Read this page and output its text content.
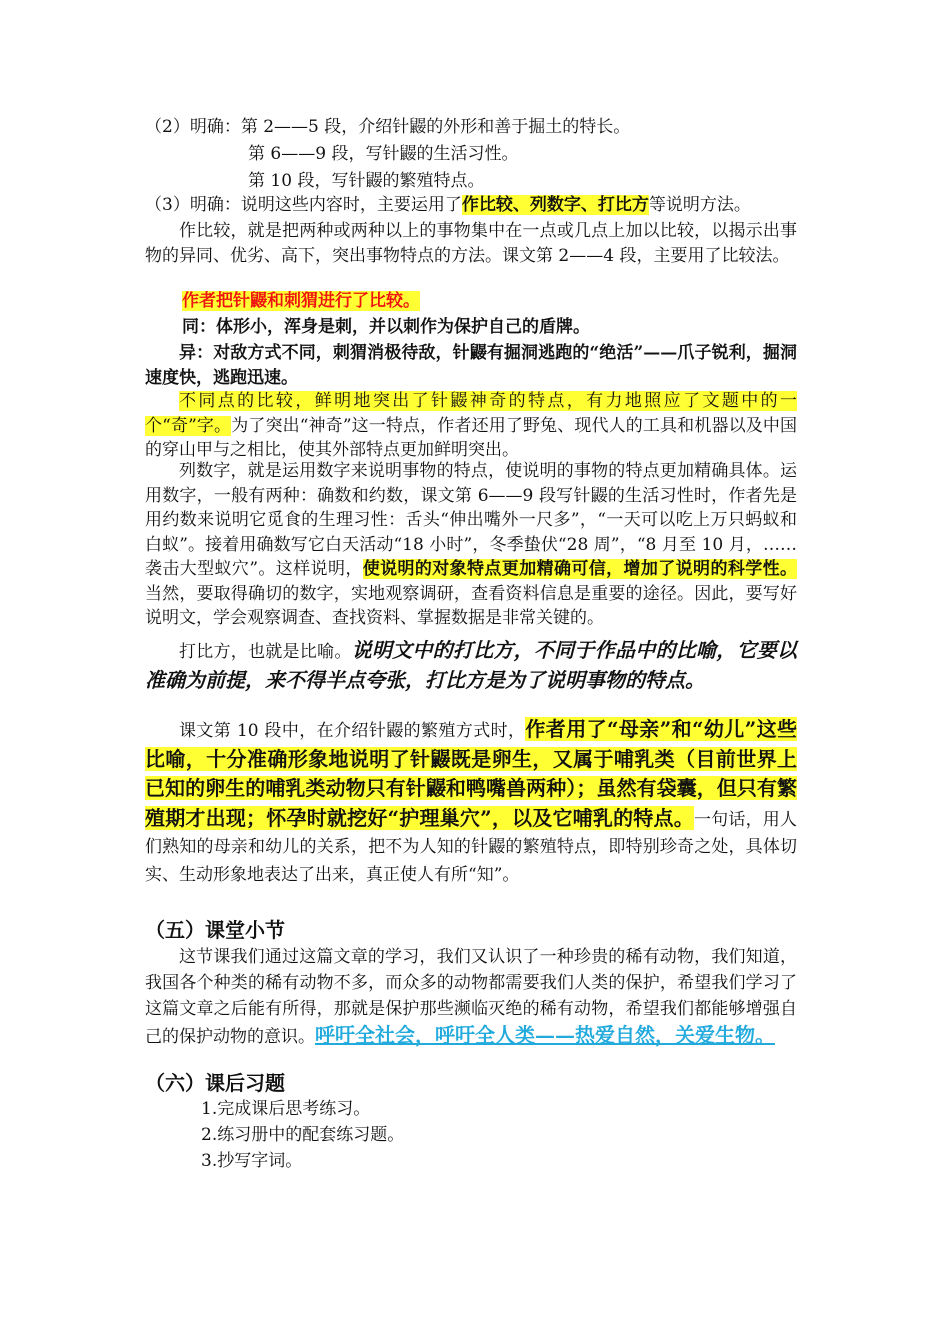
（2）明确：第 2——5 段，介绍针鼹的外形和善于掘土的特长。
第 6——9 段，写针鼹的生活习性。
第 10 段，写针鼹的繁殖特点。
（3）明确：说明这些内容时，主要运用了作比较、列数字、打比方等说明方法。
作比较，就是把两种或两种以上的事物集中在一点或几点上加以比较，以揭示出事物的异同、优劣、高下，突出事物特点的方法。课文第 2——4 段，主要用了比较法。
作者把针鼹和刺猬进行了比较。
同：体形小，浑身是刺，并以刺作为保护自己的盾牌。
异：对敌方式不同，刺猬消极待敌，针鼹有掘洞逃跑的“绝活”——爪子锐利，掘洞速度快，逃跑迅速。
不同点的比较，鲜明地突出了针鼹神奇的特点，有力地照应了文题中的一个“奇”字。为了突出“神奇”这一特点，作者还用了野兔、现代人的工具和机器以及中国的穿山甲与之相比，使其外部特点更加鲜明突出。
列数字，就是运用数字来说明事物的特点，使说明的事物的特点更加精确具体。运用数字，一般有两种：确数和约数，课文第 6——9 段写针鼹的生活习性时，作者先是用约数来说明它觅食的生理习性：舌头“伸出嘴外一尺多”，“一天可以吃上万只蚂蚁和白蚁”。接着用确数写它白天活动“18 小时”，冬季蛰伏“28 周”，“8 月至 10 月，……袭击大型蚁穴”。这样说明，使说明的对象特点更加精确可信，增加了说明的科学性。当然，要取得确切的数字，实地观察调研，查看资料信息是重要的途径。因此，要写好说明文，学会观察调查、查找资料、掌握数据是非常关键的。
打比方，也就是比喻。说明文中的打比方，不同于作品中的比喻，它要以准确为前提，来不得半点夸张，打比方是为了说明事物的特点。
课文第 10 段中，在介绍针鼹的繁殖方式时，作者用了“母亲”和“幼儿”这些比喻，十分准确形象地说明了针鼹既是卵生，又属于哺乳类（目前世界上已知的卵生的哺乳类动物只有针鼹和鸭嘴兽两种）；虽然有袋囊，但只有繁殖期才出现；怀孕时就挖好“护理巢穴”，以及它哺乳的特点。一句话，用人们熟知的母亲和幼儿的关系，把不为人知的针鼹的繁殖特点，即特别珍奇之处，具体切实、生动形象地表达了出来，真正使人有所“知”。
（五）课堂小节
这节课我们通过这篇文章的学习，我们又认识了一种珍贵的稀有动物，我们知道，我国各个种类的稀有动物不多，而众多的动物都需要我们人类的保护，希望我们学习了这篇文章之后能有所得，那就是保护那些濒临灭绝的稀有动物，希望我们都能够增强自己的保护动物的意识。呼吁全社会，呼吁全人类——热爱自然，关爱生物。
（六）课后习题
1.完成课后思考练习。
2.练习册中的配套练习题。
3.抄写字词。
